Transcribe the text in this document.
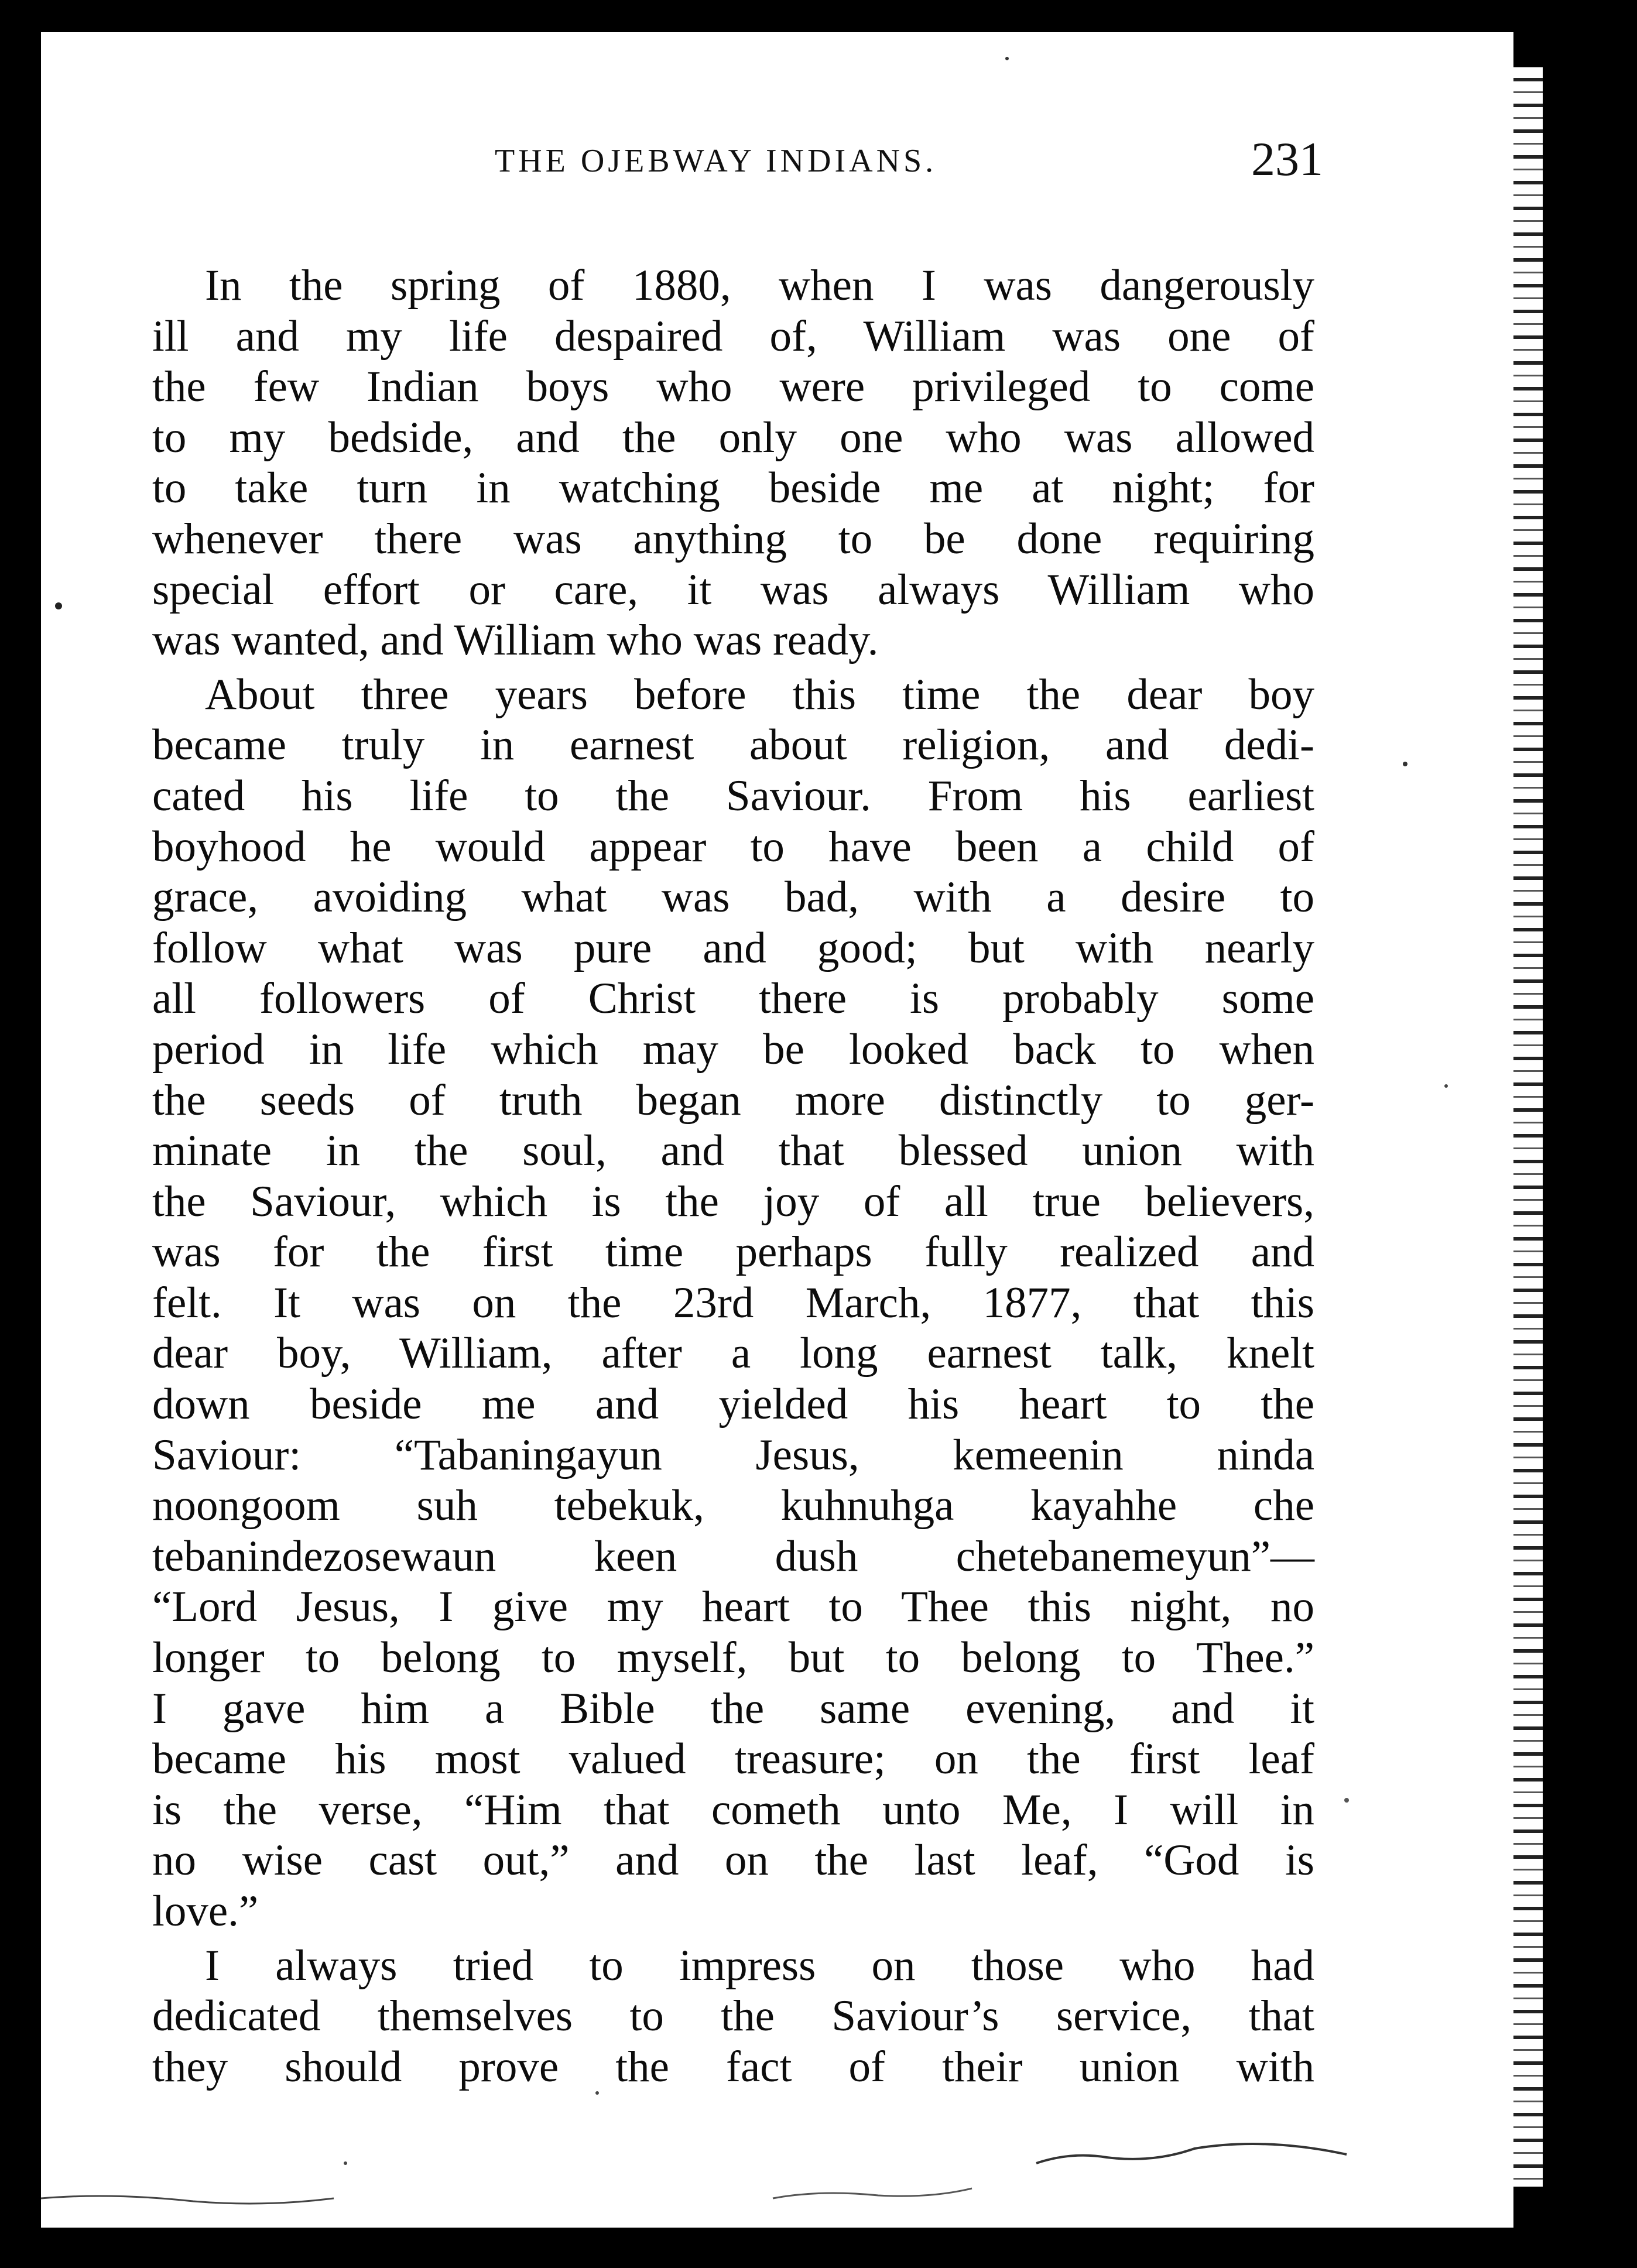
THE OJEBWAY INDIANS.	231
In the spring of 1880, when I was dangerously
ill and my life despaired of, William was one of
the few Indian boys who were privileged to come
to my bedside, and the only one who was allowed
to take turn in watching beside me at night; for
whenever there was anything to be done requiring
special effort or care, it was always William who
was wanted, and William who was ready.
About three years before this time the dear boy
became truly in earnest about religion, and dedi-
cated his life to the Saviour. From his earliest
boyhood he would appear to have been a child of
grace, avoiding what was bad, with a desire to
follow what was pure and good; but with nearly
all followers of Christ there is probably some
period in life which may be looked back to when
the seeds of truth began more distinctly to ger-
minate in the soul, and that blessed union with
the Saviour, which is the joy of all true believers,
was for the first time perhaps fully realized and
felt. It was on the 23rd March, 1877, that this
dear boy, William, after a long earnest talk, knelt
down beside me and yielded his heart to the
Saviour: “Tabaningayun Jesus, kemeenin ninda
noongoom suh tebekuk, kuhnuhga kayahhe che
tebanindezosewaun keen dush chetebanemeyun”—
“Lord Jesus, I give my heart to Thee this night, no
longer to belong to myself, but to belong to Thee.”
I gave him a Bible the same evening, and it
became his most valued treasure; on the first leaf
is the verse, “Him that cometh unto Me, I will in
no wise cast out,” and on the last leaf, “God is
love.”
I always tried to impress on those who had
dedicated themselves to the Saviour’s service, that
they should prove the fact of their union with
